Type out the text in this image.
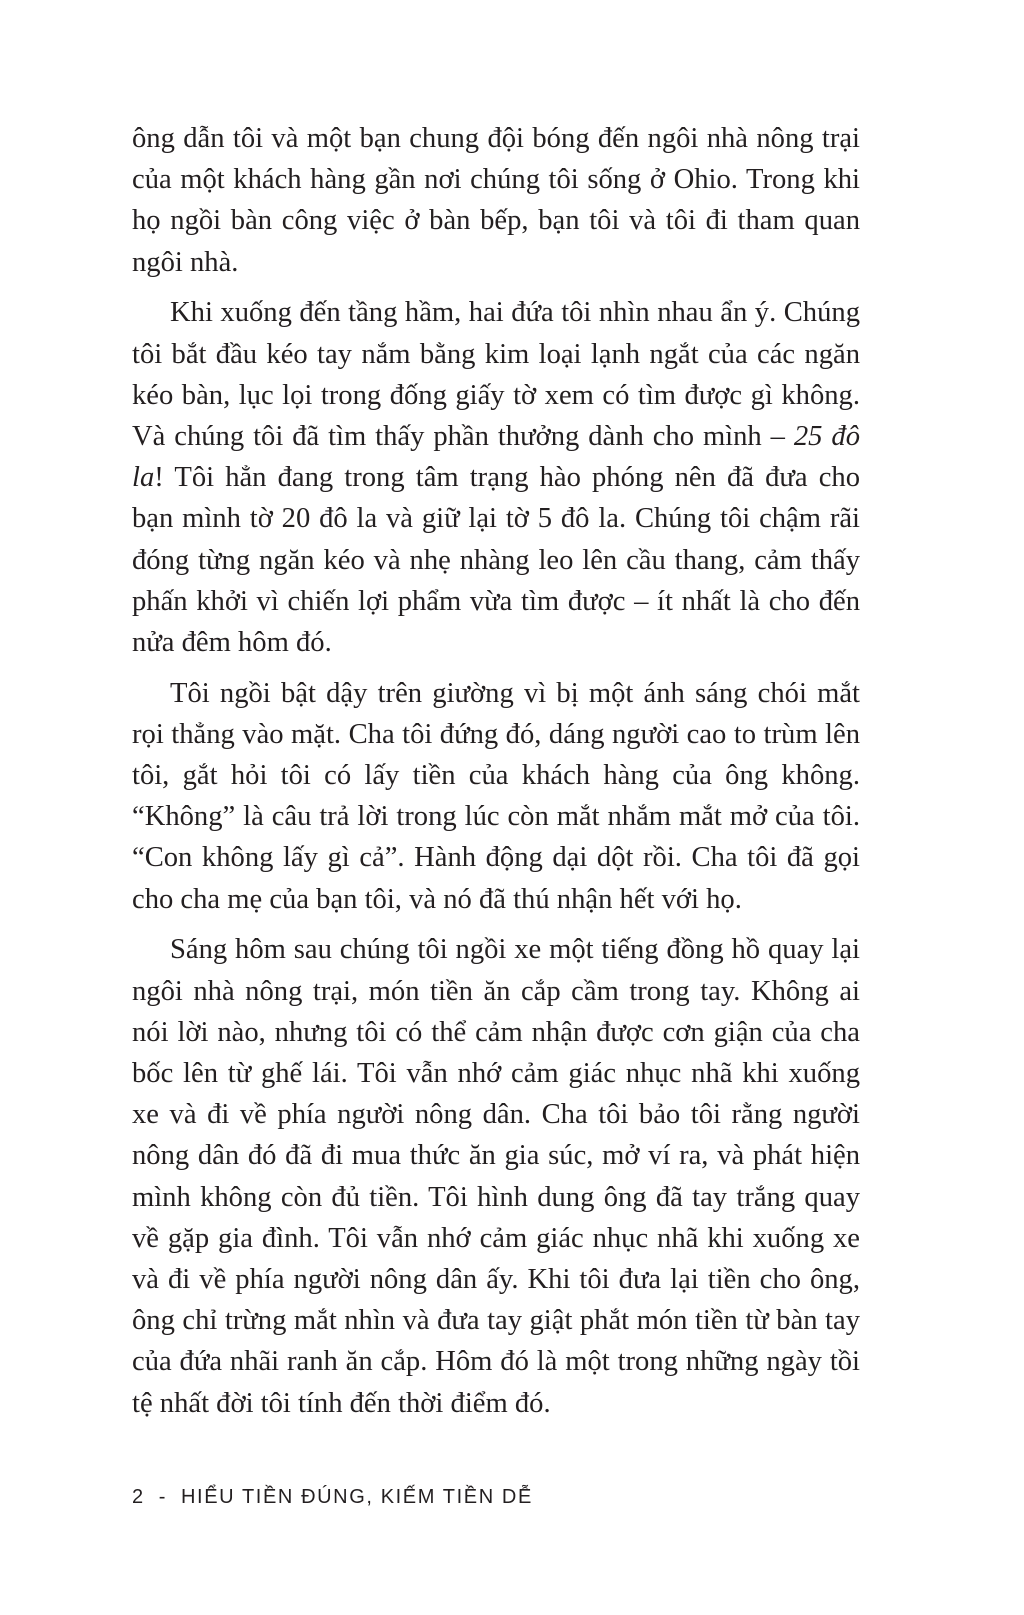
ông dẫn tôi và một bạn chung đội bóng đến ngôi nhà nông trại của một khách hàng gần nơi chúng tôi sống ở Ohio. Trong khi họ ngồi bàn công việc ở bàn bếp, bạn tôi và tôi đi tham quan ngôi nhà.

Khi xuống đến tầng hầm, hai đứa tôi nhìn nhau ẩn ý. Chúng tôi bắt đầu kéo tay nắm bằng kim loại lạnh ngắt của các ngăn kéo bàn, lục lọi trong đống giấy tờ xem có tìm được gì không. Và chúng tôi đã tìm thấy phần thưởng dành cho mình – 25 đô la! Tôi hẳn đang trong tâm trạng hào phóng nên đã đưa cho bạn mình tờ 20 đô la và giữ lại tờ 5 đô la. Chúng tôi chậm rãi đóng từng ngăn kéo và nhẹ nhàng leo lên cầu thang, cảm thấy phấn khởi vì chiến lợi phẩm vừa tìm được – ít nhất là cho đến nửa đêm hôm đó.

Tôi ngồi bật dậy trên giường vì bị một ánh sáng chói mắt rọi thẳng vào mặt. Cha tôi đứng đó, dáng người cao to trùm lên tôi, gắt hỏi tôi có lấy tiền của khách hàng của ông không. “Không” là câu trả lời trong lúc còn mắt nhắm mắt mở của tôi. “Con không lấy gì cả”. Hành động dại dột rồi. Cha tôi đã gọi cho cha mẹ của bạn tôi, và nó đã thú nhận hết với họ.

Sáng hôm sau chúng tôi ngồi xe một tiếng đồng hồ quay lại ngôi nhà nông trại, món tiền ăn cắp cầm trong tay. Không ai nói lời nào, nhưng tôi có thể cảm nhận được cơn giận của cha bốc lên từ ghế lái. Tôi vẫn nhớ cảm giác nhục nhã khi xuống xe và đi về phía người nông dân. Cha tôi bảo tôi rằng người nông dân đó đã đi mua thức ăn gia súc, mở ví ra, và phát hiện mình không còn đủ tiền. Tôi hình dung ông đã tay trắng quay về gặp gia đình. Tôi vẫn nhớ cảm giác nhục nhã khi xuống xe và đi về phía người nông dân ấy. Khi tôi đưa lại tiền cho ông, ông chỉ trừng mắt nhìn và đưa tay giật phắt món tiền từ bàn tay của đứa nhãi ranh ăn cắp. Hôm đó là một trong những ngày tồi tệ nhất đời tôi tính đến thời điểm đó.

2 - HIỂU TIỀN ĐÚNG, KIẾM TIỀN DỄ
